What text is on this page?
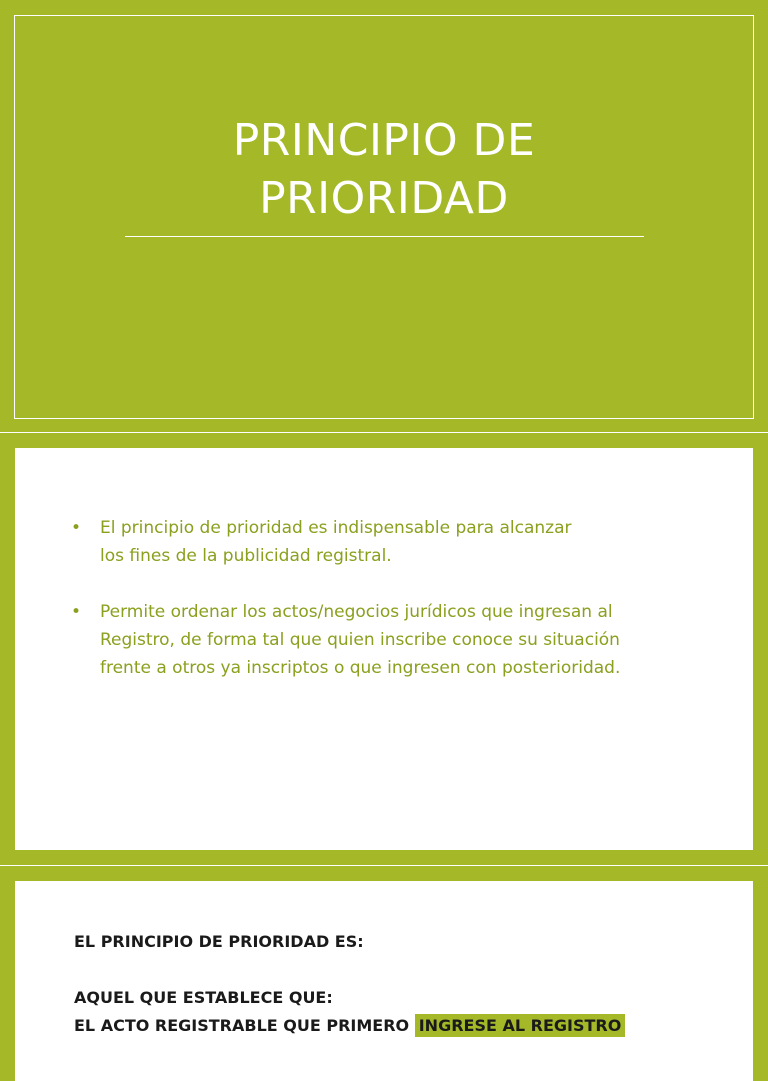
PRINCIPIO DE
PRIORIDAD
• El principio de prioridad es indispensable para alcanzar
los fines de la publicidad registral.
• Permite ordenar los actos/negocios jurídicos que ingresan al
Registro, de forma tal que quien inscribe conoce su situación
frente a otros ya inscriptos o que ingresen con posterioridad.
EL PRINCIPIO DE PRIORIDAD ES:
AQUEL QUE ESTABLECE QUE:
EL ACTO REGISTRABLE QUE PRIMERO INGRESE AL REGISTRO
